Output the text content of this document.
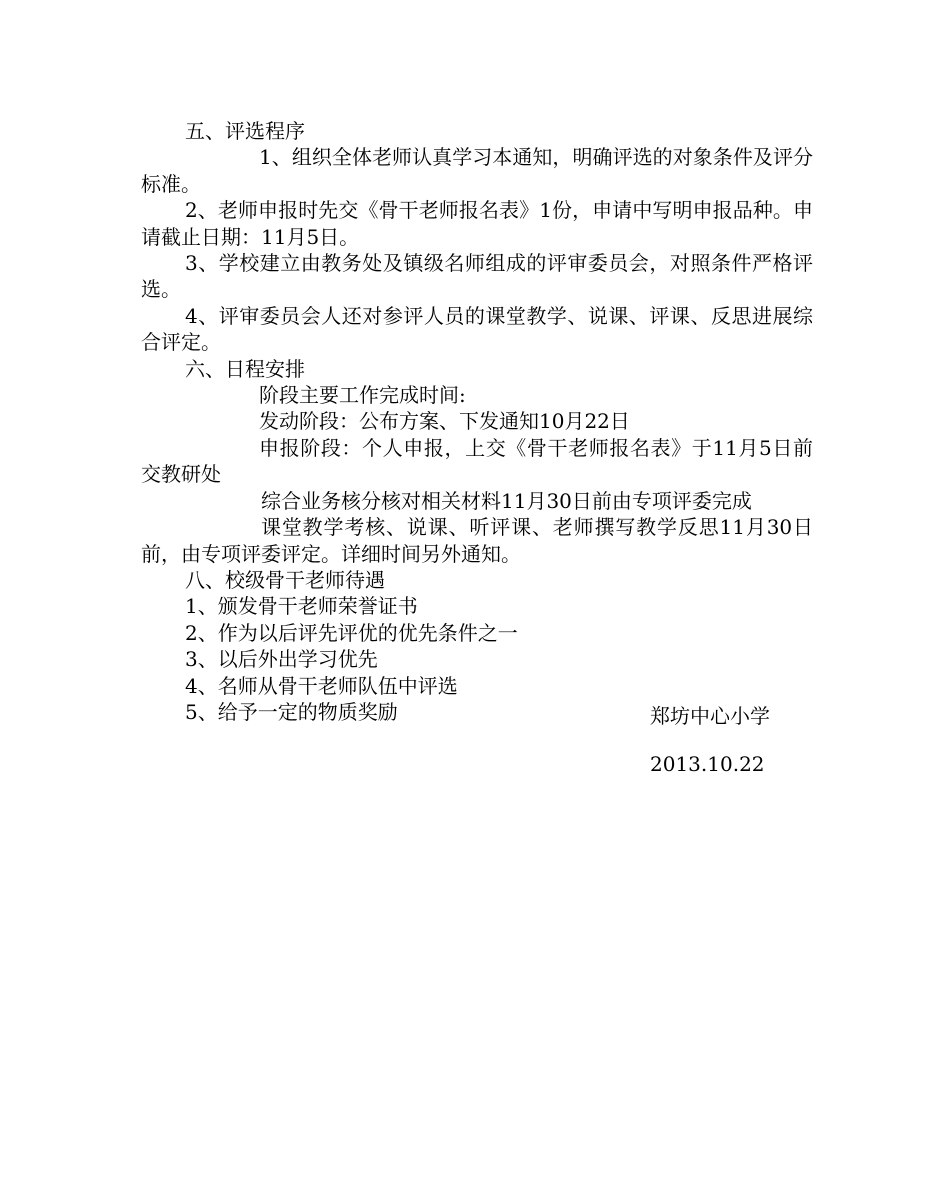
五、评选程序

1、组织全体老师认真学习本通知，明确评选的对象条件及评分标准。

2、老师申报时先交《骨干老师报名表》1份，申请中写明申报品种。申请截止日期：11月5日。

3、学校建立由教务处及镇级名师组成的评审委员会，对照条件严格评选。

4、评审委员会人还对参评人员的课堂教学、说课、评课、反思进展综合评定。

六、日程安排

阶段主要工作完成时间:

发动阶段：公布方案、下发通知10月22日

申报阶段：个人申报，上交《骨干老师报名表》于11月5日前交教研处

综合业务核分核对相关材料11月30日前由专项评委完成

课堂教学考核、说课、听评课、老师撰写教学反思11月30日前，由专项评委评定。详细时间另外通知。

八、校级骨干老师待遇

1、颁发骨干老师荣誉证书

2、作为以后评先评优的优先条件之一

3、以后外出学习优先

4、名师从骨干老师队伍中评选

5、给予一定的物质奖励	郑坊中心小学

2013.10.22
